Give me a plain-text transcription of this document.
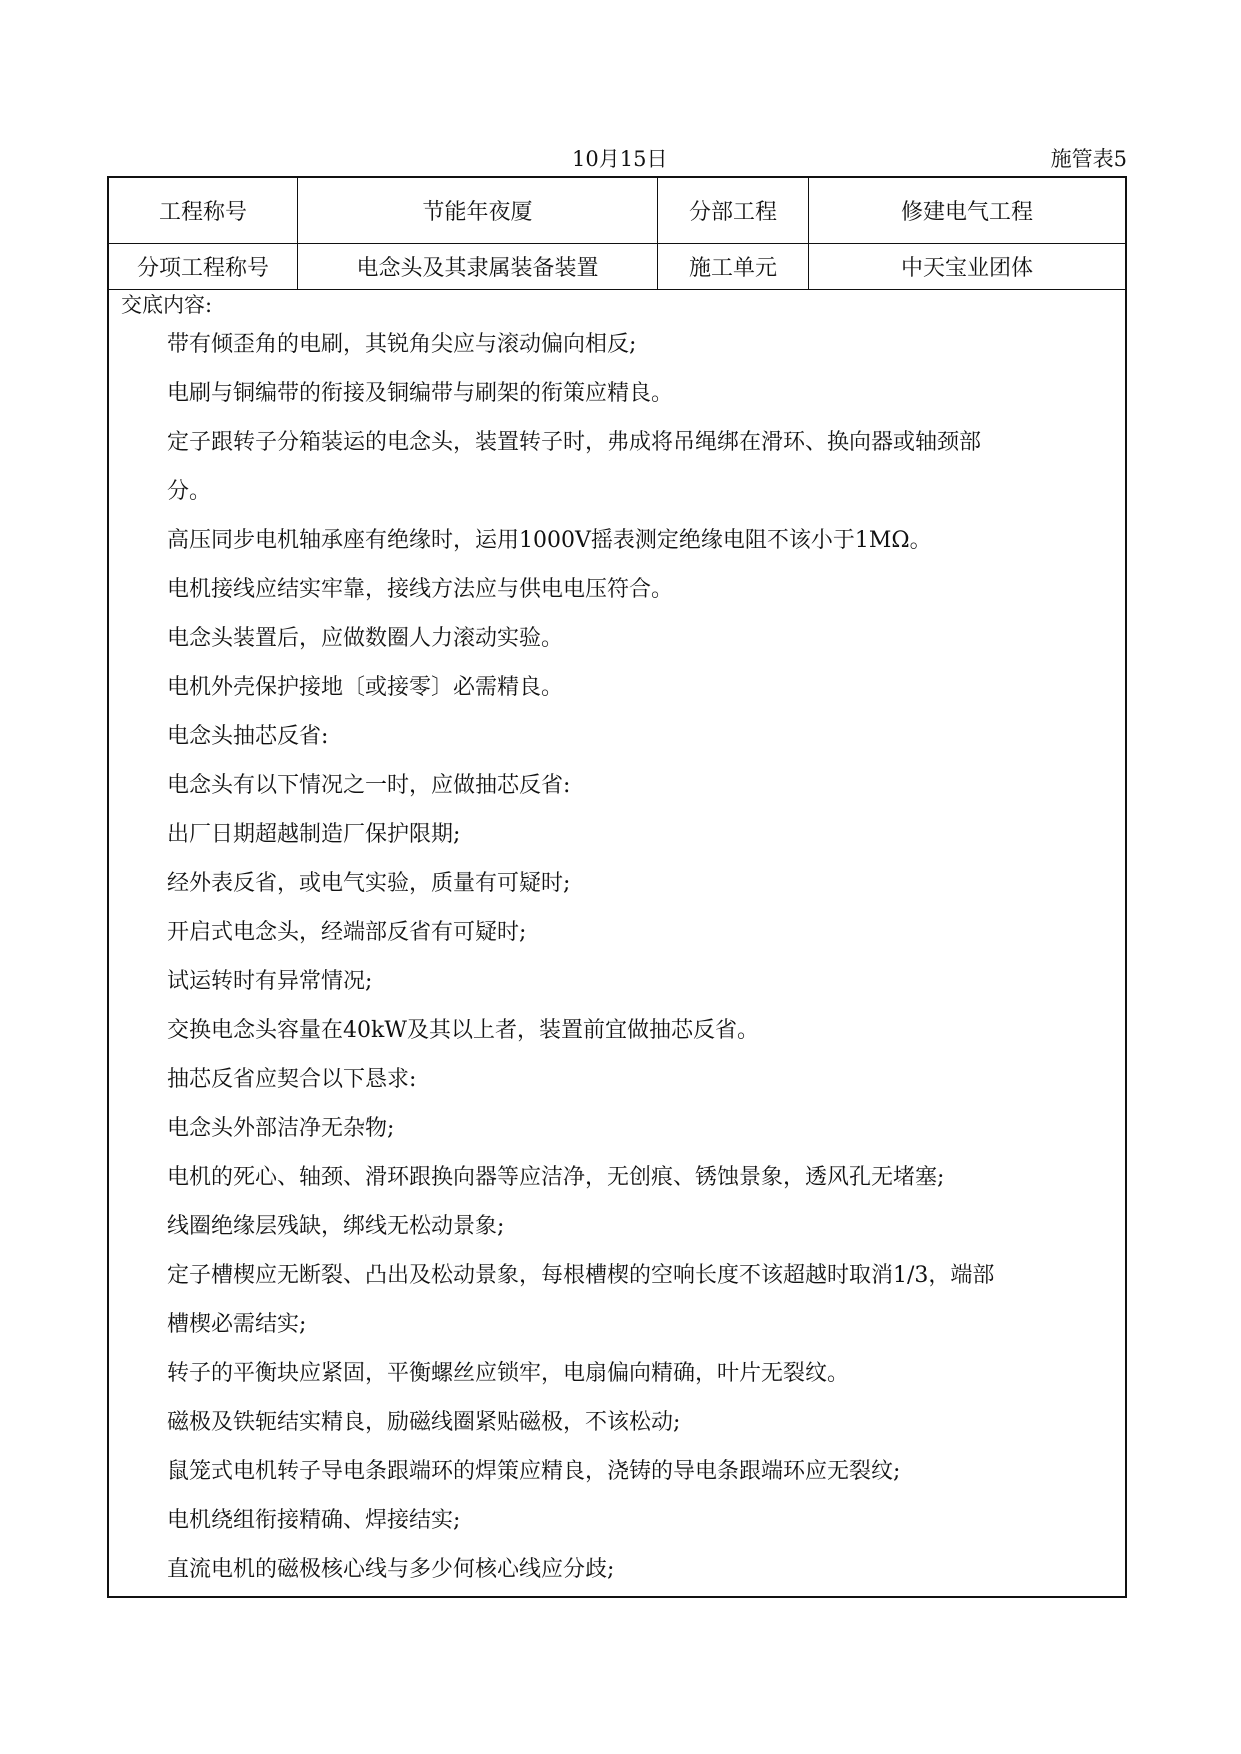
10月15日	施管表5
工程称号	节能年夜厦	分部工程	修建电气工程
分项工程称号	电念头及其隶属装备装置	施工单元	中天宝业团体
交底内容:
带有倾歪角的电刷，其锐角尖应与滚动偏向相反;
电刷与铜编带的衔接及铜编带与刷架的衔策应精良。
定子跟转子分箱装运的电念头，装置转子时，弗成将吊绳绑在滑环、换向器或轴颈部
分。
高压同步电机轴承座有绝缘时，运用1000V摇表测定绝缘电阻不该小于1MΩ。
电机接线应结实牢靠，接线方法应与供电电压符合。
电念头装置后，应做数圈人力滚动实验。
电机外壳保护接地〔或接零〕必需精良。
电念头抽芯反省:
电念头有以下情况之一时，应做抽芯反省:
出厂日期超越制造厂保护限期;
经外表反省，或电气实验，质量有可疑时;
开启式电念头，经端部反省有可疑时;
试运转时有异常情况;
交换电念头容量在40kW及其以上者，装置前宜做抽芯反省。
抽芯反省应契合以下恳求:
电念头外部洁净无杂物;
电机的死心、轴颈、滑环跟换向器等应洁净，无创痕、锈蚀景象，透风孔无堵塞;
线圈绝缘层残缺，绑线无松动景象;
定子槽楔应无断裂、凸出及松动景象，每根槽楔的空响长度不该超越时取消1/3，端部
槽楔必需结实;
转子的平衡块应紧固，平衡螺丝应锁牢，电扇偏向精确，叶片无裂纹。
磁极及铁轭结实精良，励磁线圈紧贴磁极，不该松动;
鼠笼式电机转子导电条跟端环的焊策应精良，浇铸的导电条跟端环应无裂纹;
电机绕组衔接精确、焊接结实;
直流电机的磁极核心线与多少何核心线应分歧;
